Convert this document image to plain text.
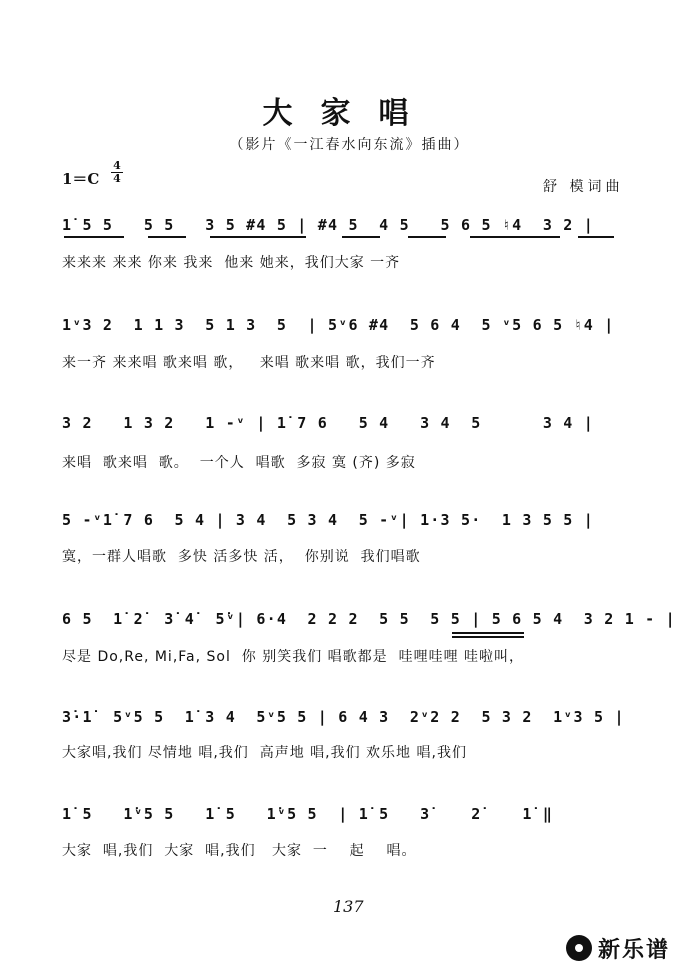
大家唱
（影片《一江春水向东流》插曲）
1＝C
4
4
舒 模词曲
1̇ 5 5   5 5   3 5 #4 5 | #4 5  4 5   5 6 5 ♮4  3 2 |
来来来 来来 你来 我来  他来 她来，我们大家 一齐
1ᵛ3 2  1 1 3  5 1 3  5  | 5ᵛ6 #4  5 6 4  5 ᵛ5 6 5 ♮4 |
来一齐 来来唱 歌来唱 歌，   来唱 歌来唱 歌，我们一齐
3 2   1 3 2   1 -ᵛ | 1̇ 7 6   5 4   3 4  5      3 4 |
来唱  歌来唱  歌。  一个人  唱歌  多寂 寞 (齐) 多寂
5 -ᵛ1̇ 7 6  5 4 | 3 4  5 3 4  5 -ᵛ| 1·3 5·  1 3 5 5 |
寞，一群人唱歌  多快 活多快 活，  你别说  我们唱歌
6 5  1̇ 2̇  3̇ 4̇  5̇ᵛ| 6·4  2 2 2  5 5  5 5 | 5 6 5 4  3 2 1 - |
尽是 Do,Re, Mi,Fa, Sol  你 别笑我们 唱歌都是  哇哩哇哩 哇啦叫，
3̇·1̇  5ᵛ5 5  1̇ 3 4  5ᵛ5 5 | 6 4 3  2ᵛ2 2  5 3 2  1ᵛ3 5 |
大家唱,我们 尽情地 唱,我们  高声地 唱,我们 欢乐地 唱,我们
1̇ 5   1̇ᵛ5 5   1̇ 5   1̇ᵛ5 5  | 1̇ 5   3̇    2̇    1̇ ‖
大家  唱,我们  大家  唱,我们   大家  一    起    唱。
137
新乐谱
